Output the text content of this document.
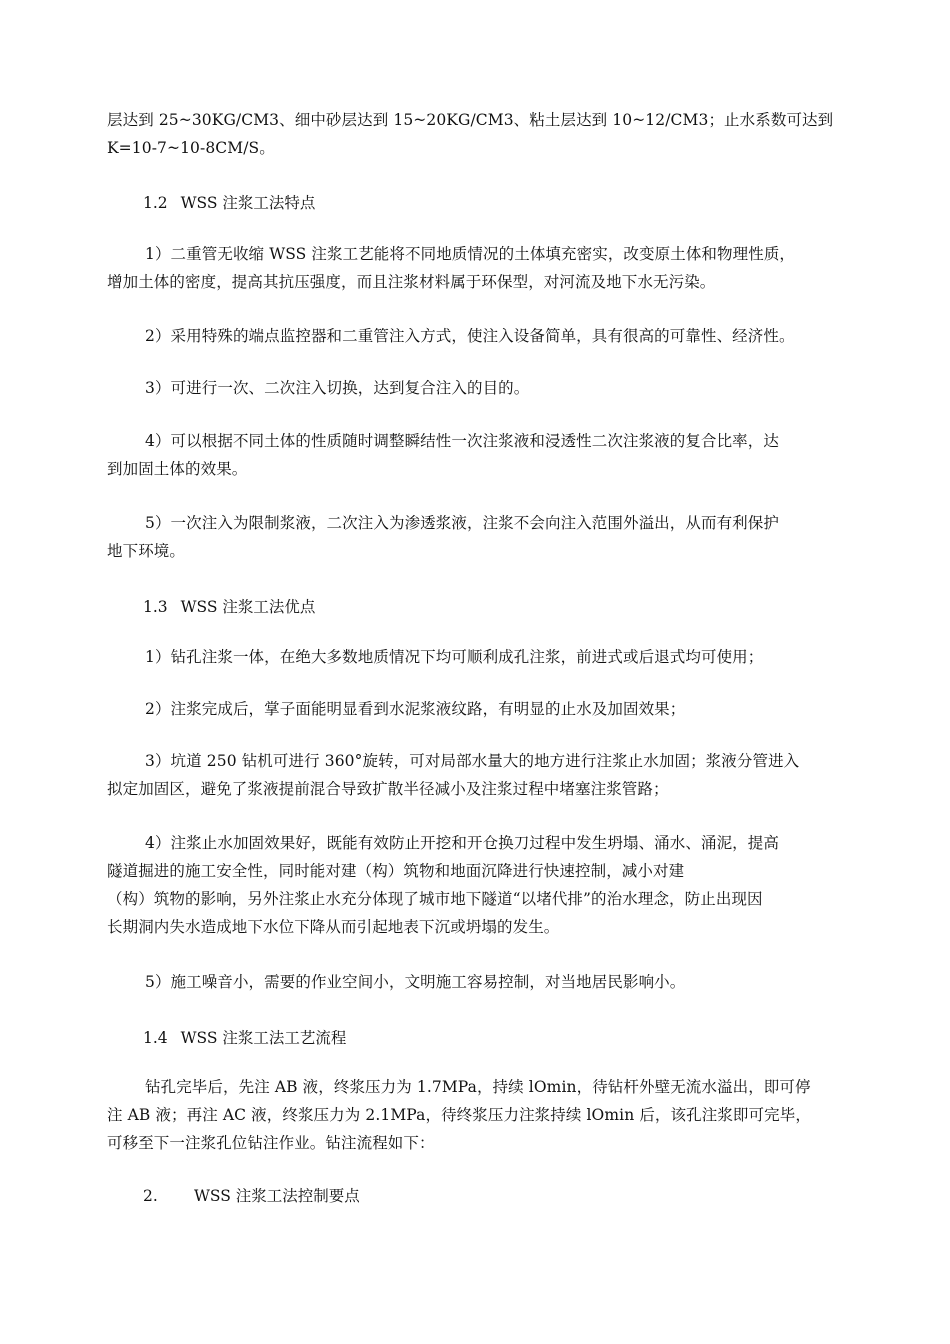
层达到 25~30KG/CM3、细中砂层达到 15~20KG/CM3、粘土层达到 10~12/CM3；止水系数可达到
K=10-7~10-8CM/S。
1.2 WSS 注浆工法特点
1）二重管无收缩 WSS 注浆工艺能将不同地质情况的土体填充密实，改变原土体和物理性质，
增加土体的密度，提高其抗压强度，而且注浆材料属于环保型，对河流及地下水无污染。
2）采用特殊的端点监控器和二重管注入方式，使注入设备简单，具有很高的可靠性、经济性。
3）可进行一次、二次注入切换，达到复合注入的目的。
4）可以根据不同土体的性质随时调整瞬结性一次注浆液和浸透性二次注浆液的复合比率，达
到加固土体的效果。
5）一次注入为限制浆液，二次注入为渗透浆液，注浆不会向注入范围外溢出，从而有利保护
地下环境。
1.3 WSS 注浆工法优点
1）钻孔注浆一体，在绝大多数地质情况下均可顺利成孔注浆，前进式或后退式均可使用；
2）注浆完成后，掌子面能明显看到水泥浆液纹路，有明显的止水及加固效果；
3）坑道 250 钻机可进行 360°旋转，可对局部水量大的地方进行注浆止水加固；浆液分管进入
拟定加固区，避免了浆液提前混合导致扩散半径减小及注浆过程中堵塞注浆管路；
4）注浆止水加固效果好，既能有效防止开挖和开仓换刀过程中发生坍塌、涌水、涌泥，提高
隧道掘进的施工安全性，同时能对建（构）筑物和地面沉降进行快速控制，减小对建
（构）筑物的影响，另外注浆止水充分体现了城市地下隧道“以堵代排”的治水理念，防止出现因
长期洞内失水造成地下水位下降从而引起地表下沉或坍塌的发生。
5）施工噪音小，需要的作业空间小，文明施工容易控制，对当地居民影响小。
1.4 WSS 注浆工法工艺流程
钻孔完毕后，先注 AB 液，终浆压力为 1.7MPa，持续 lOmin，待钻杆外壁无流水溢出，即可停
注 AB 液；再注 AC 液，终浆压力为 2.1MPa，待终浆压力注浆持续 lOmin 后，该孔注浆即可完毕，
可移至下一注浆孔位钻注作业。钻注流程如下：
2. WSS 注浆工法控制要点
